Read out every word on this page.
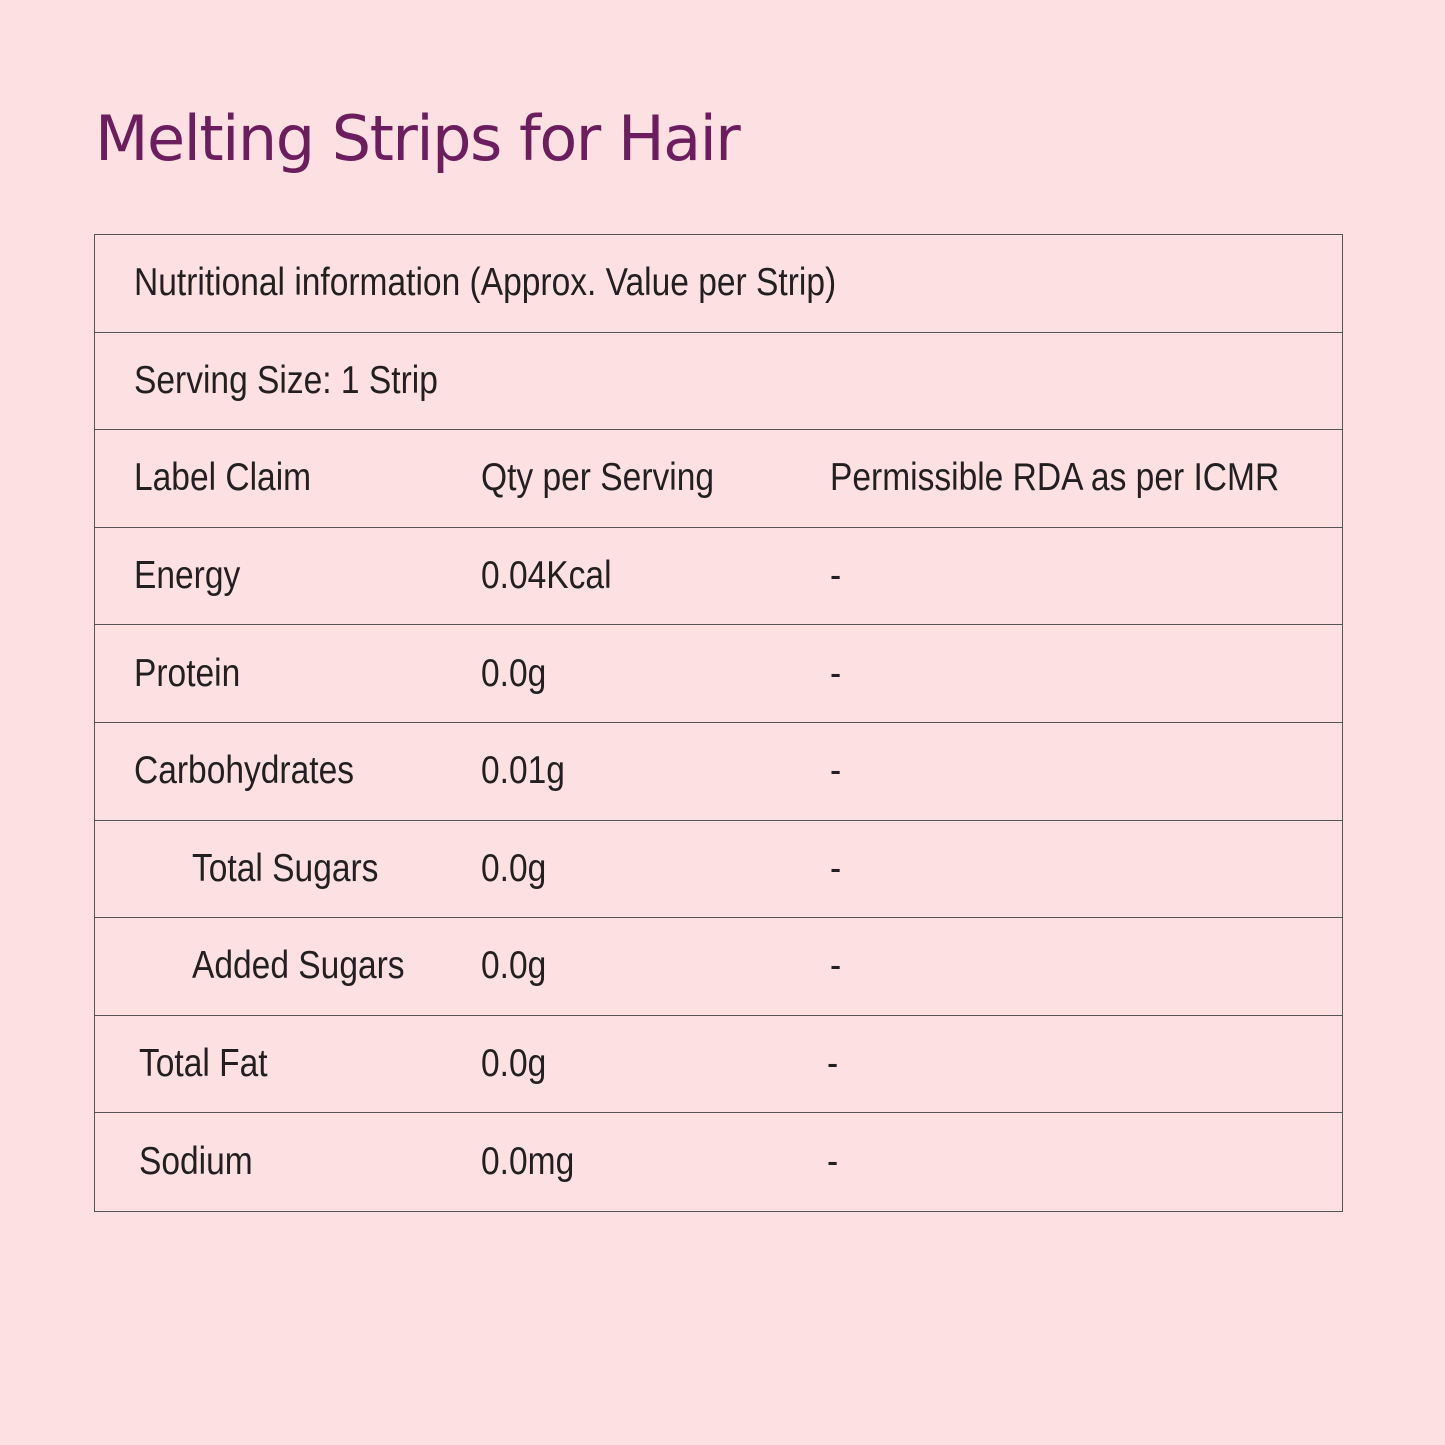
Melting Strips for Hair
Nutritional information (Approx. Value per Strip)
Serving Size: 1 Strip
Label Claim	Qty per Serving	Permissible RDA as per ICMR
Energy	0.04Kcal	-
Protein	0.0g	-
Carbohydrates	0.01g	-
Total Sugars	0.0g	-
Added Sugars 0.0g	-
Total Fat	0.0g	-
Sodium	0.0mg	-
